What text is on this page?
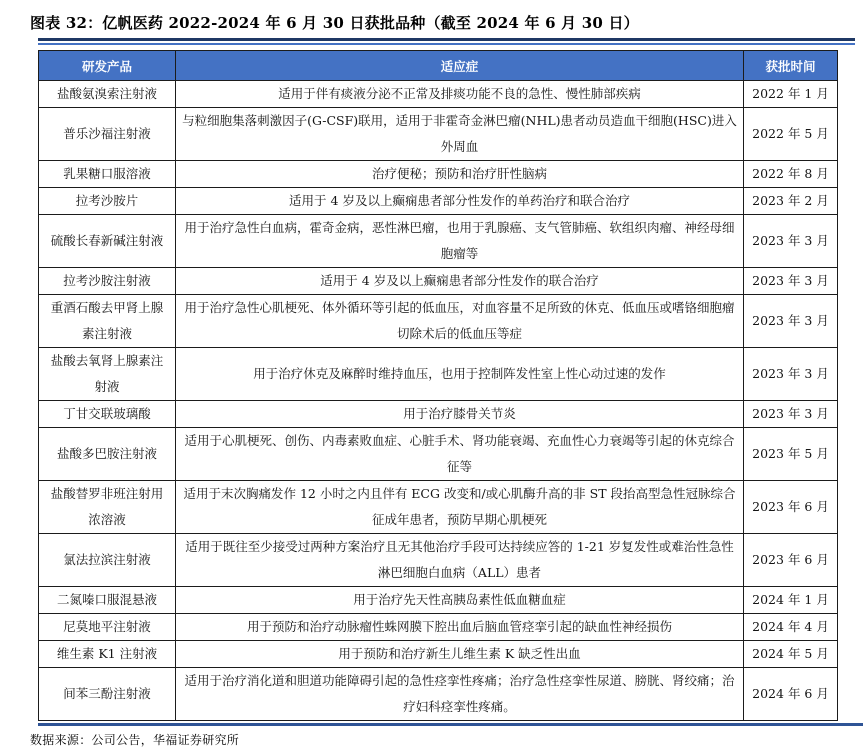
图表 32：亿帆医药 2022-2024 年 6 月 30 日获批品种（截至 2024 年 6 月 30 日）
研发产品	适应症	获批时间
盐酸氨溴索注射液	适用于伴有痰液分泌不正常及排痰功能不良的急性、慢性肺部疾病	2022 年 1 月
普乐沙福注射液	与粒细胞集落刺激因子(G-CSF)联用，适用于非霍奇金淋巴瘤(NHL)患者动员造血干细胞(HSC)进入外周血	2022 年 5 月
乳果糖口服溶液	治疗便秘；预防和治疗肝性脑病	2022 年 8 月
拉考沙胺片	适用于 4 岁及以上癫痫患者部分性发作的单药治疗和联合治疗	2023 年 2 月
硫酸长春新碱注射液	用于治疗急性白血病，霍奇金病，恶性淋巴瘤，也用于乳腺癌、支气管肺癌、软组织肉瘤、神经母细胞瘤等	2023 年 3 月
拉考沙胺注射液	适用于 4 岁及以上癫痫患者部分性发作的联合治疗	2023 年 3 月
重酒石酸去甲肾上腺素注射液	用于治疗急性心肌梗死、体外循环等引起的低血压，对血容量不足所致的休克、低血压或嗜铬细胞瘤切除术后的低血压等症	2023 年 3 月
盐酸去氧肾上腺素注射液	用于治疗休克及麻醉时维持血压，也用于控制阵发性室上性心动过速的发作	2023 年 3 月
丁甘交联玻璃酸	用于治疗膝骨关节炎	2023 年 3 月
盐酸多巴胺注射液	适用于心肌梗死、创伤、内毒素败血症、心脏手术、肾功能衰竭、充血性心力衰竭等引起的休克综合征等	2023 年 5 月
盐酸替罗非班注射用浓溶液	适用于末次胸痛发作 12 小时之内且伴有 ECG 改变和/或心肌酶升高的非 ST 段抬高型急性冠脉综合征成年患者，预防早期心肌梗死	2023 年 6 月
氯法拉滨注射液	适用于既往至少接受过两种方案治疗且无其他治疗手段可达持续应答的 1-21 岁复发性或难治性急性淋巴细胞白血病（ALL）患者	2023 年 6 月
二氮嗪口服混悬液	用于治疗先天性高胰岛素性低血糖血症	2024 年 1 月
尼莫地平注射液	用于预防和治疗动脉瘤性蛛网膜下腔出血后脑血管痉挛引起的缺血性神经损伤	2024 年 4 月
维生素 K1 注射液	用于预防和治疗新生儿维生素 K 缺乏性出血	2024 年 5 月
间苯三酚注射液	适用于治疗消化道和胆道功能障碍引起的急性痉挛性疼痛；治疗急性痉挛性尿道、膀胱、肾绞痛；治疗妇科痉挛性疼痛。	2024 年 6 月
数据来源：公司公告，华福证券研究所
